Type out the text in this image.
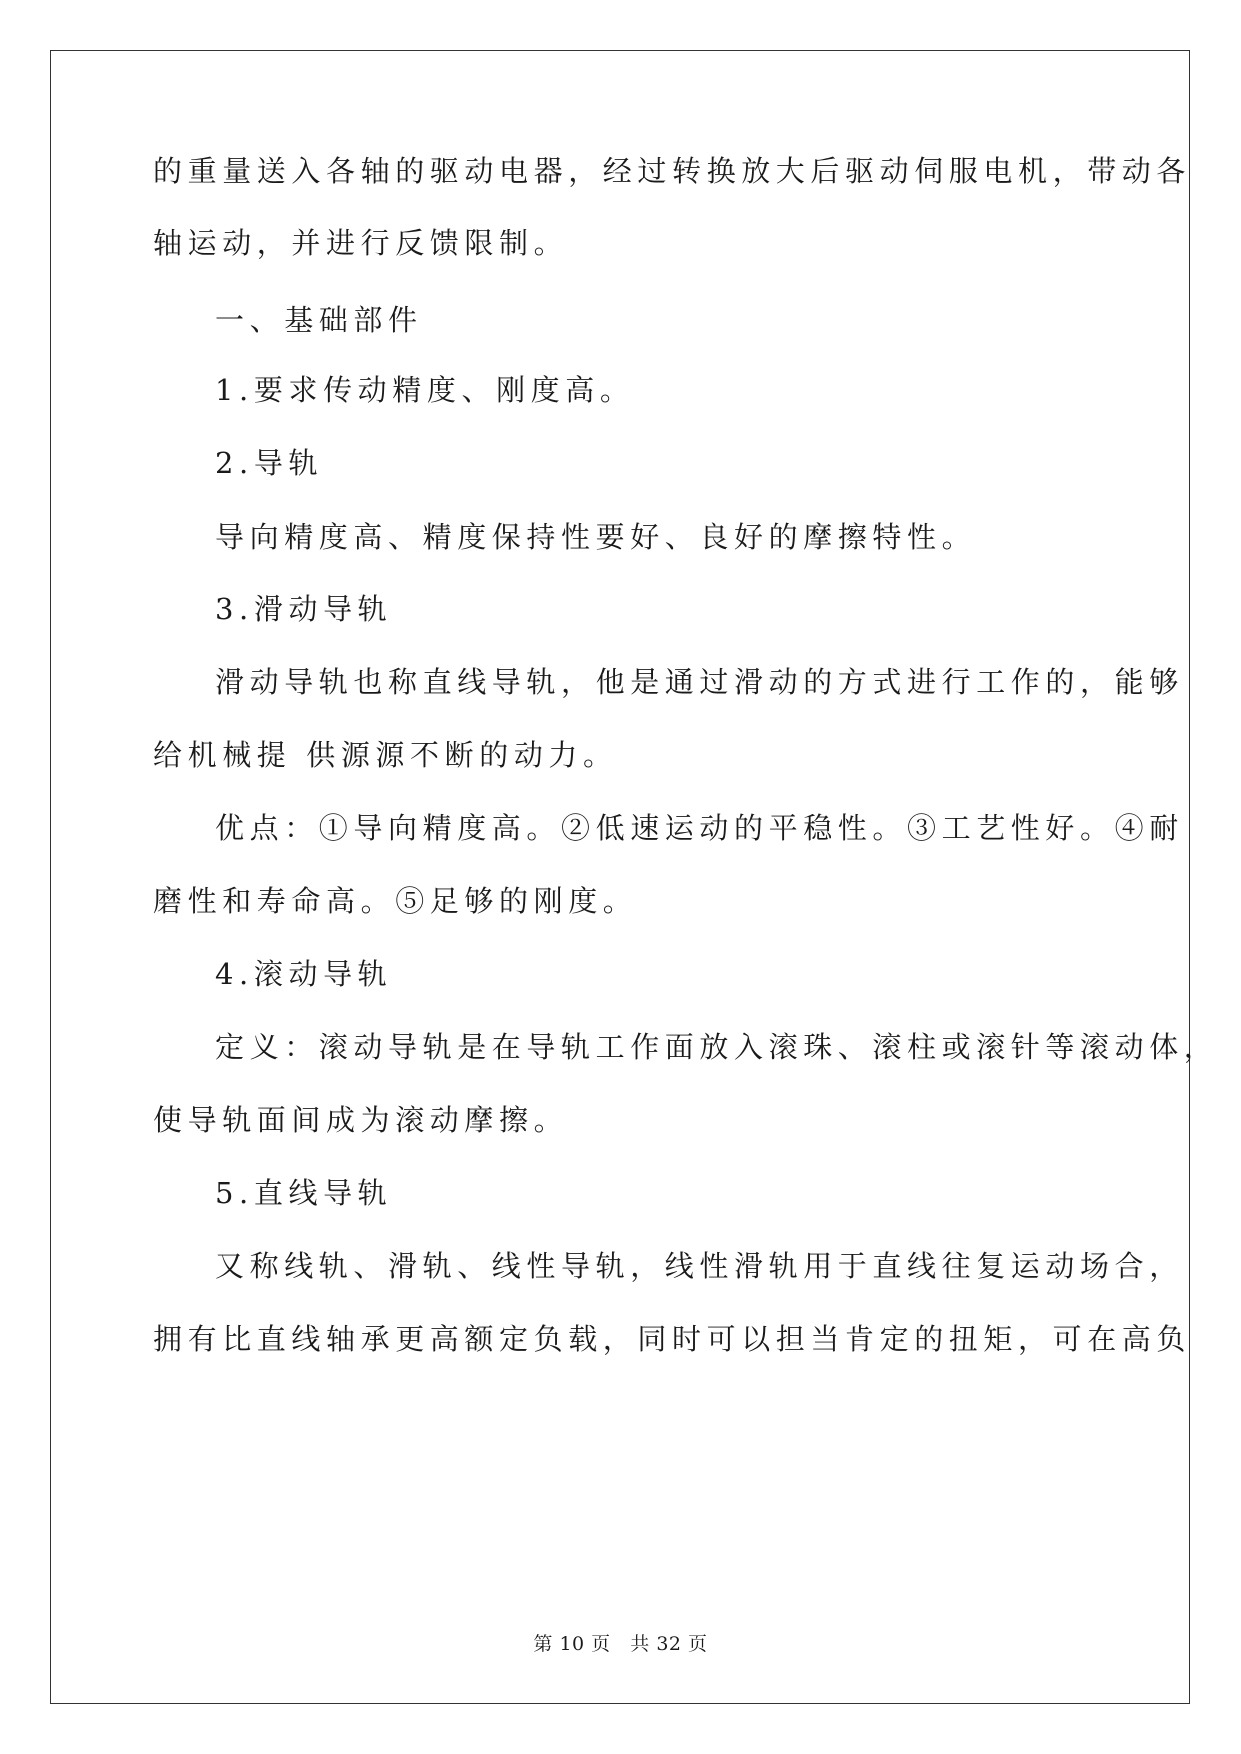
的重量送入各轴的驱动电器，经过转换放大后驱动伺服电机，带动各
轴运动，并进行反馈限制。
一、基础部件
1.要求传动精度、刚度高。
2.导轨
导向精度高、精度保持性要好、良好的摩擦特性。
3.滑动导轨
滑动导轨也称直线导轨，他是通过滑动的方式进行工作的，能够
给机械提 供源源不断的动力。
优点：①导向精度高。②低速运动的平稳性。③工艺性好。④耐
磨性和寿命高。⑤足够的刚度。
4.滚动导轨
定义：滚动导轨是在导轨工作面放入滚珠、滚柱或滚针等滚动体，
使导轨面间成为滚动摩擦。
5.直线导轨
又称线轨、滑轨、线性导轨，线性滑轨用于直线往复运动场合，
拥有比直线轴承更高额定负载，同时可以担当肯定的扭矩，可在高负
第 10 页   共 32 页
